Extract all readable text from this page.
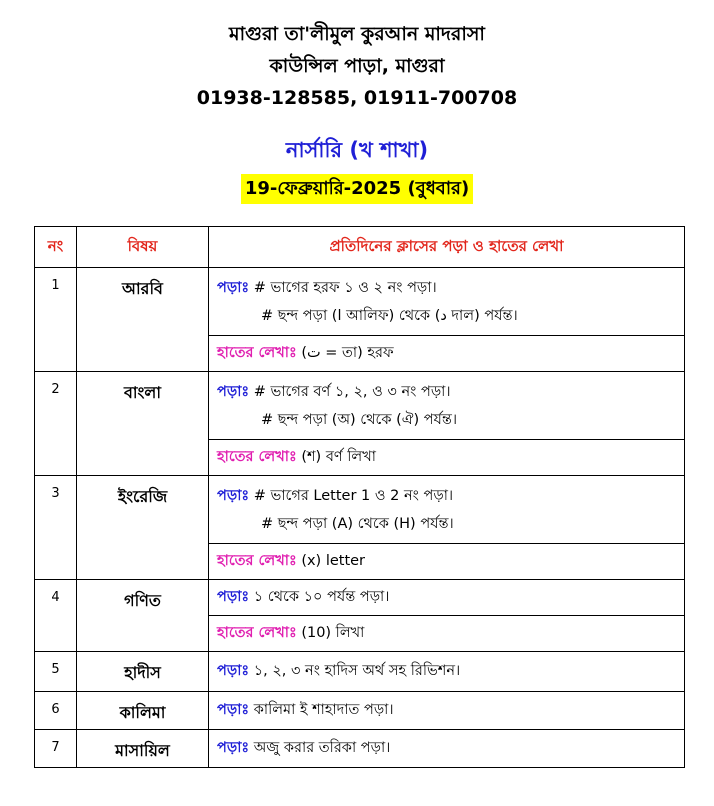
মাগুরা তা'লীমুল কুরআন মাদরাসা
কাউন্সিল পাড়া, মাগুরা
01938-128585, 01911-700708
নার্সারি (খ শাখা)
19-ফেব্রুয়ারি-2025 (বুধবার)
নং	বিষয়	প্রতিদিনের ক্লাসের পড়া ও হাতের লেখা
1	আরবি	পড়াঃ # ভাগের হরফ ১ ও ২ নং পড়া।
# ছন্দ পড়া (ا আলিফ) থেকে (د দাল) পর্যন্ত।

		হাতের লেখাঃ (ت = তা) হরফ
2	বাংলা	পড়াঃ # ভাগের বর্ণ ১, ২, ও ৩ নং পড়া।
# ছন্দ পড়া (অ) থেকে (ঐ) পর্যন্ত।

		হাতের লেখাঃ (শ) বর্ণ লিখা
3	ইংরেজি	পড়াঃ # ভাগের Letter 1 ও 2 নং পড়া।
# ছন্দ পড়া (A) থেকে (H) পর্যন্ত।

		হাতের লেখাঃ (x) letter
4	গণিত	পড়াঃ ১ থেকে ১০ পর্যন্ত পড়া।
		হাতের লেখাঃ (10) লিখা
5	হাদীস	পড়াঃ ১, ২, ৩ নং হাদিস অর্থ সহ রিভিশন।
6	কালিমা	পড়াঃ কালিমা ই শাহাদাত পড়া।
7	মাসায়িল	পড়াঃ অজু করার তরিকা পড়া।
